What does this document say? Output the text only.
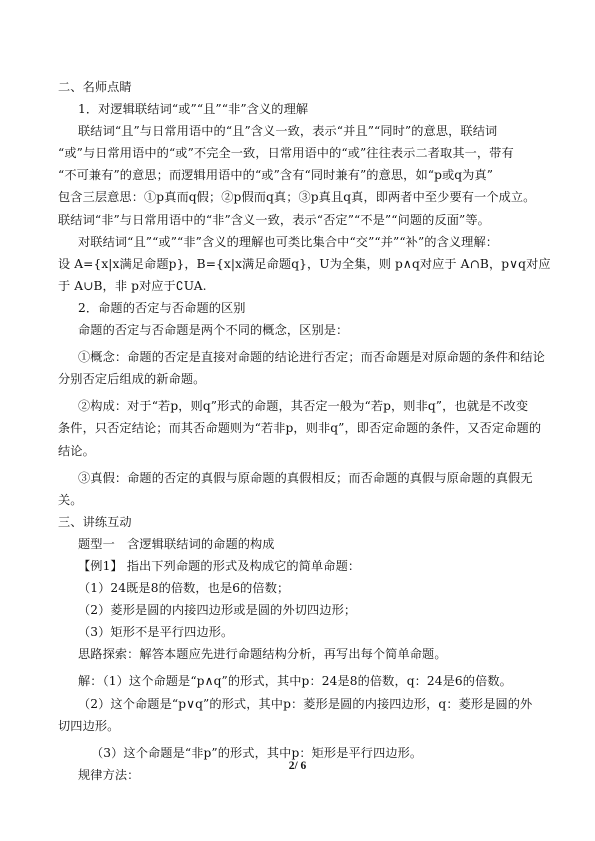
二、名师点睛
1．对逻辑联结词“或”“且”“非”含义的理解
联结词“且”与日常用语中的“且”含义一致，表示“并且”“同时”的意思，联结词
“或”与日常用语中的“或”不完全一致，日常用语中的“或”往往表示二者取其一，带有
“不可兼有”的意思；而逻辑用语中的“或”含有“同时兼有”的意思，如“p或q为真”
包含三层意思：①p真而q假；②p假而q真；③p真且q真，即两者中至少要有一个成立。
联结词“非”与日常用语中的“非”含义一致，表示“否定”“不是”“问题的反面”等。
对联结词“且”“或”“非”含义的理解也可类比集合中“交”“并”“补”的含义理解：
设 A={x|x满足命题p}，B={x|x满足命题q}，U为全集，则 p∧q对应于 A∩B，p∨q对应
于 A∪B，非 p对应于∁UA.
2．命题的否定与否命题的区别
命题的否定与否命题是两个不同的概念，区别是：
①概念：命题的否定是直接对命题的结论进行否定；而否命题是对原命题的条件和结论
分别否定后组成的新命题。
②构成：对于“若p，则q”形式的命题，其否定一般为“若p，则非q”，也就是不改变
条件，只否定结论；而其否命题则为“若非p，则非q”，即否定命题的条件，又否定命题的
结论。
③真假：命题的否定的真假与原命题的真假相反；而否命题的真假与原命题的真假无
关。
三、讲练互动
题型一　含逻辑联结词的命题的构成
【例1】 指出下列命题的形式及构成它的简单命题：
（1）24既是8的倍数，也是6的倍数；
（2）菱形是圆的内接四边形或是圆的外切四边形；
（3）矩形不是平行四边形。
思路探索：解答本题应先进行命题结构分析，再写出每个简单命题。
解：（1）这个命题是“p∧q”的形式，其中p：24是8的倍数，q：24是6的倍数。
（2）这个命题是“p∨q”的形式，其中p：菱形是圆的内接四边形，q：菱形是圆的外
切四边形。
（3）这个命题是“非p”的形式，其中p：矩形是平行四边形。
规律方法：
2/ 6
